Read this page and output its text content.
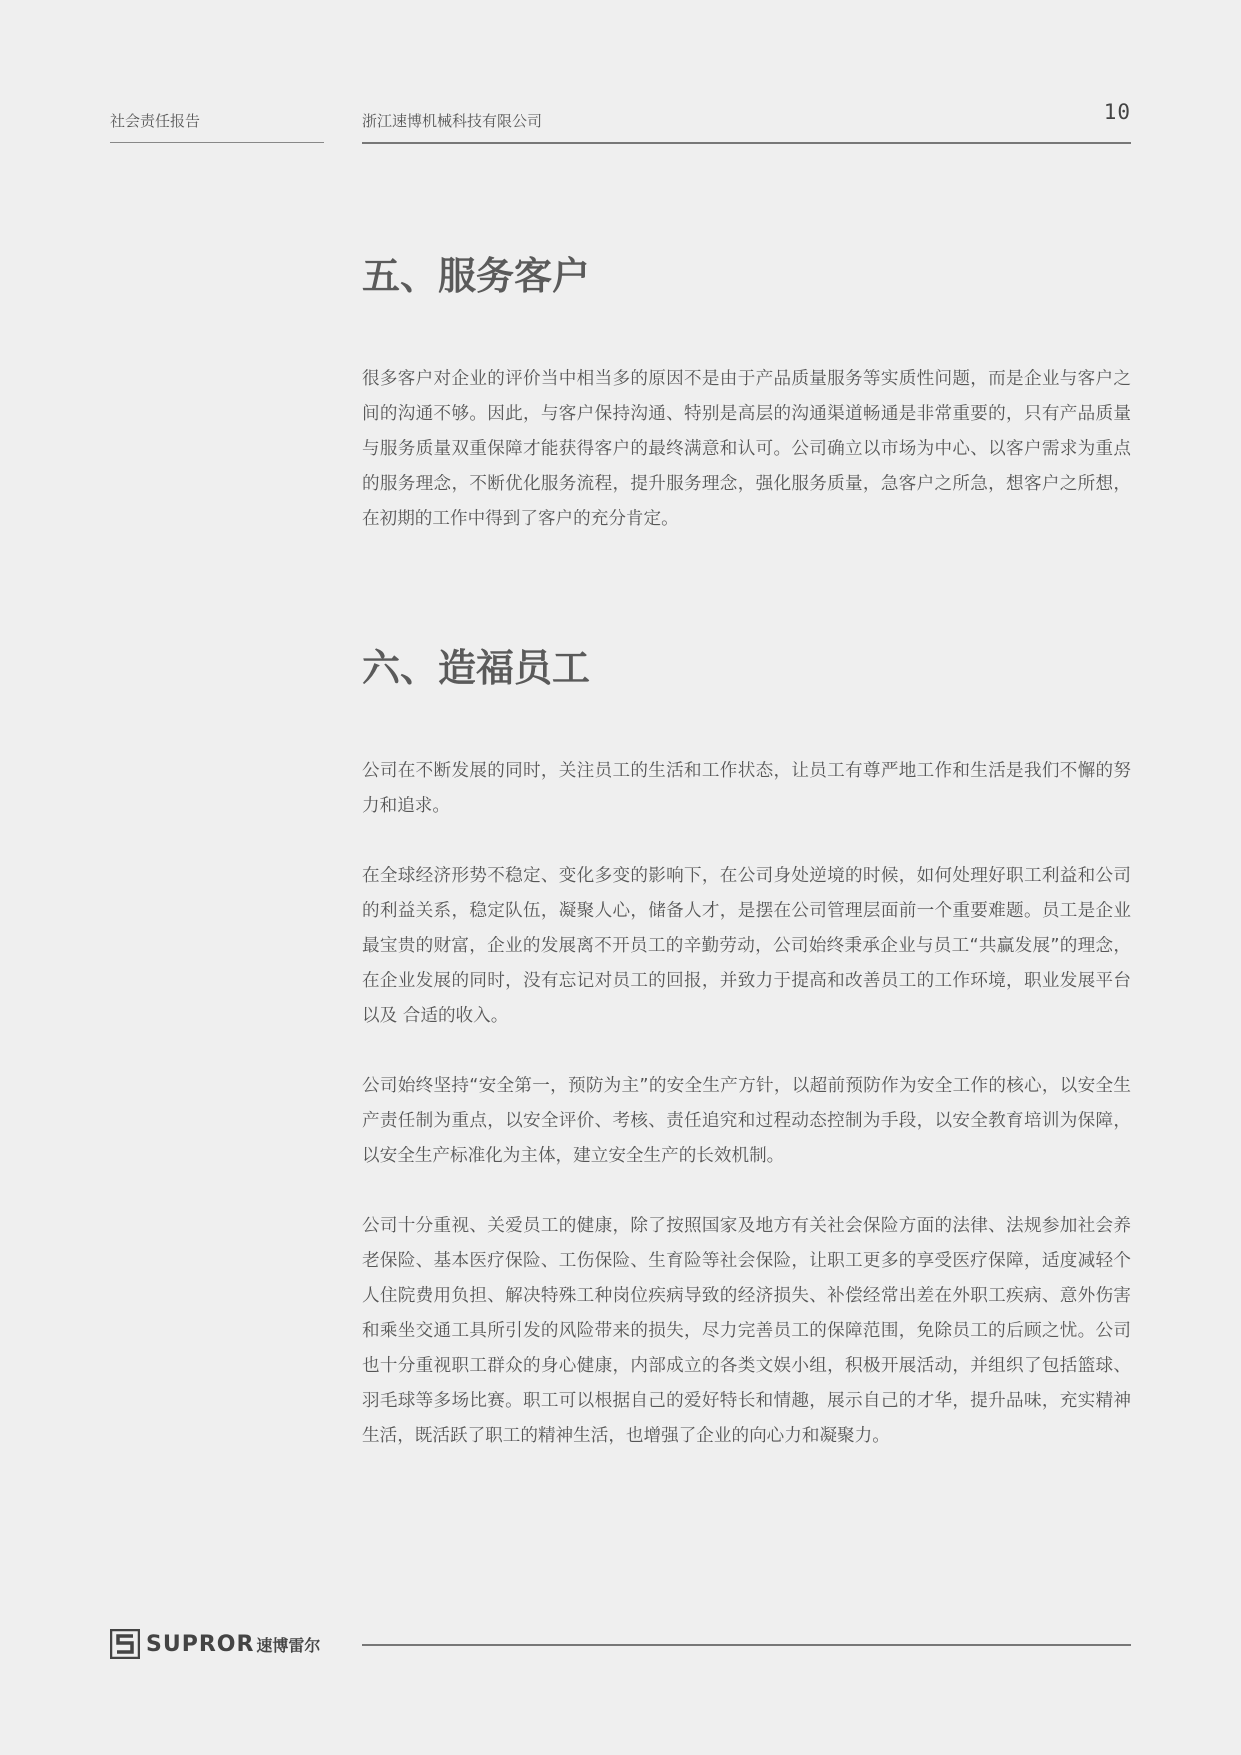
社会责任报告	浙江速博机械科技有限公司	10
五、服务客户

很多客户对企业的评价当中相当多的原因不是由于产品质量服务等实质性问题，而是企业与客户之间的沟通不够。因此，与客户保持沟通、特别是高层的沟通渠道畅通是非常重要的，只有产品质量与服务质量双重保障才能获得客户的最终满意和认可。公司确立以市场为中心、以客户需求为重点的服务理念，不断优化服务流程，提升服务理念，强化服务质量，急客户之所急，想客户之所想，在初期的工作中得到了客户的充分肯定。

六、造福员工

公司在不断发展的同时，关注员工的生活和工作状态，让员工有尊严地工作和生活是我们不懈的努力和追求。

在全球经济形势不稳定、变化多变的影响下，在公司身处逆境的时候，如何处理好职工利益和公司的利益关系，稳定队伍，凝聚人心，储备人才，是摆在公司管理层面前一个重要难题。员工是企业最宝贵的财富，企业的发展离不开员工的辛勤劳动，公司始终秉承企业与员工“共赢发展”的理念，在企业发展的同时，没有忘记对员工的回报，并致力于提高和改善员工的工作环境，职业发展平台以及 合适的收入。

公司始终坚持“安全第一，预防为主”的安全生产方针，以超前预防作为安全工作的核心，以安全生产责任制为重点，以安全评价、考核、责任追究和过程动态控制为手段，以安全教育培训为保障，以安全生产标准化为主体，建立安全生产的长效机制。

公司十分重视、关爱员工的健康，除了按照国家及地方有关社会保险方面的法律、法规参加社会养老保险、基本医疗保险、工伤保险、生育险等社会保险，让职工更多的享受医疗保障，适度减轻个人住院费用负担、解决特殊工种岗位疾病导致的经济损失、补偿经常出差在外职工疾病、意外伤害和乘坐交通工具所引发的风险带来的损失，尽力完善员工的保障范围，免除员工的后顾之忧。公司也十分重视职工群众的身心健康，内部成立的各类文娱小组，积极开展活动，并组织了包括篮球、羽毛球等多场比赛。职工可以根据自己的爱好特长和情趣，展示自己的才华，提升品味，充实精神生活，既活跃了职工的精神生活，也增强了企业的向心力和凝聚力。

SUPROR 速博雷尔
